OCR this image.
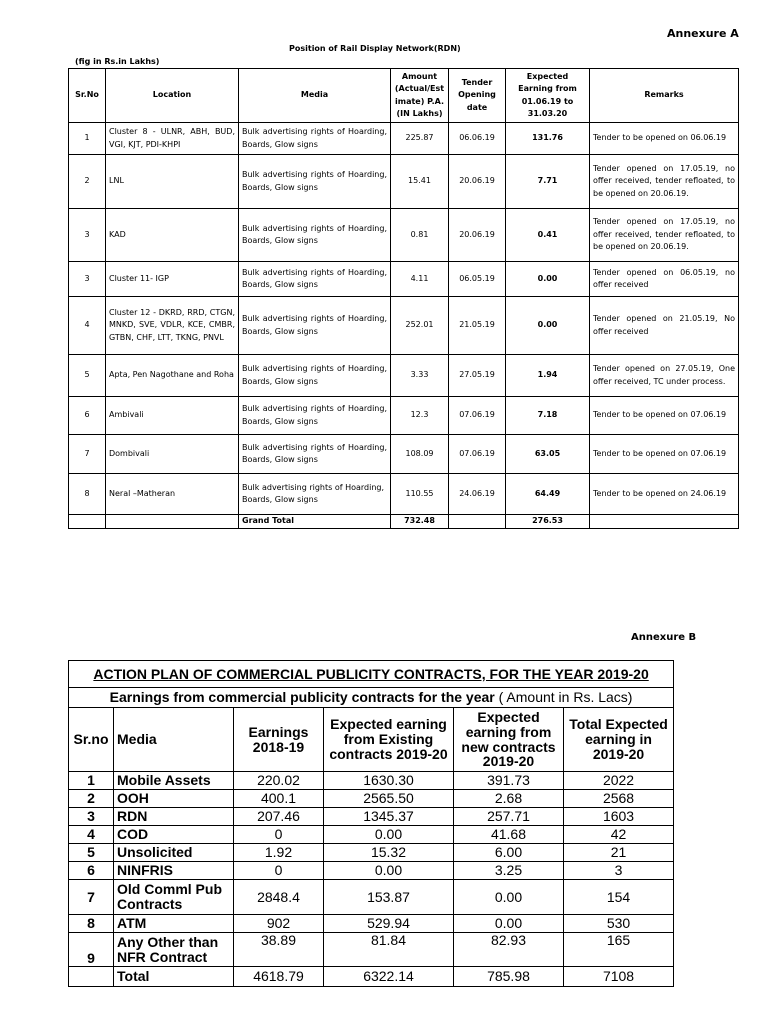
Annexure A
Position of Rail Display Network(RDN)
(fig in Rs.in Lakhs)
Sr.No	Location	Media	Amount (Actual/Est imate) P.A. (IN Lakhs)	Tender Opening date	Expected Earning from 01.06.19 to 31.03.20	Remarks
1	Cluster 8 - ULNR, ABH, BUD, VGI, KJT, PDI-KHPI	Bulk advertising rights of Hoarding, Boards, Glow signs	225.87	06.06.19	131.76	Tender to be opened on 06.06.19
2	LNL	Bulk advertising rights of Hoarding, Boards, Glow signs	15.41	20.06.19	7.71	Tender opened on 17.05.19, no offer received, tender refloated, to be opened on 20.06.19.
3	KAD	Bulk advertising rights of Hoarding, Boards, Glow signs	0.81	20.06.19	0.41	Tender opened on 17.05.19, no offer received, tender refloated, to be opened on 20.06.19.
3	Cluster 11- IGP	Bulk advertising rights of Hoarding, Boards, Glow signs	4.11	06.05.19	0.00	Tender opened on 06.05.19, no offer received
4	Cluster 12 - DKRD, RRD, CTGN, MNKD, SVE, VDLR, KCE, CMBR, GTBN, CHF, LTT, TKNG, PNVL	Bulk advertising rights of Hoarding, Boards, Glow signs	252.01	21.05.19	0.00	Tender opened on 21.05.19, No offer received
5	Apta, Pen Nagothane and Roha	Bulk advertising rights of Hoarding, Boards, Glow signs	3.33	27.05.19	1.94	Tender opened on 27.05.19, One offer received, TC under process.
6	Ambivali	Bulk advertising rights of Hoarding, Boards, Glow signs	12.3	07.06.19	7.18	Tender to be opened on 07.06.19
7	Dombivali	Bulk advertising rights of Hoarding, Boards, Glow signs	108.09	07.06.19	63.05	Tender to be opened on 07.06.19
8	Neral –Matheran	Bulk advertising rights of Hoarding, Boards, Glow signs	110.55	24.06.19	64.49	Tender to be opened on 24.06.19
		Grand Total	732.48		276.53	
Annexure B
ACTION PLAN OF COMMERCIAL PUBLICITY CONTRACTS, FOR THE YEAR 2019-20					
Earnings from commercial publicity contracts for the year ( Amount in Rs. Lacs)					
Sr.no	Media	Earnings 2018-19	Expected earning from Existing contracts 2019-20	Expected earning from new contracts 2019-20	Total Expected earning in 2019-20
1	Mobile Assets	220.02	1630.30	391.73	2022
2	OOH	400.1	2565.50	2.68	2568
3	RDN	207.46	1345.37	257.71	1603
4	COD	0	0.00	41.68	42
5	Unsolicited	1.92	15.32	6.00	21
6	NINFRIS	0	0.00	3.25	3
7	Old Comml Pub Contracts	2848.4	153.87	0.00	154
8	ATM	902	529.94	0.00	530
9	Any Other than NFR Contract	38.89	81.84	82.93	165
	Total	4618.79	6322.14	785.98	7108
